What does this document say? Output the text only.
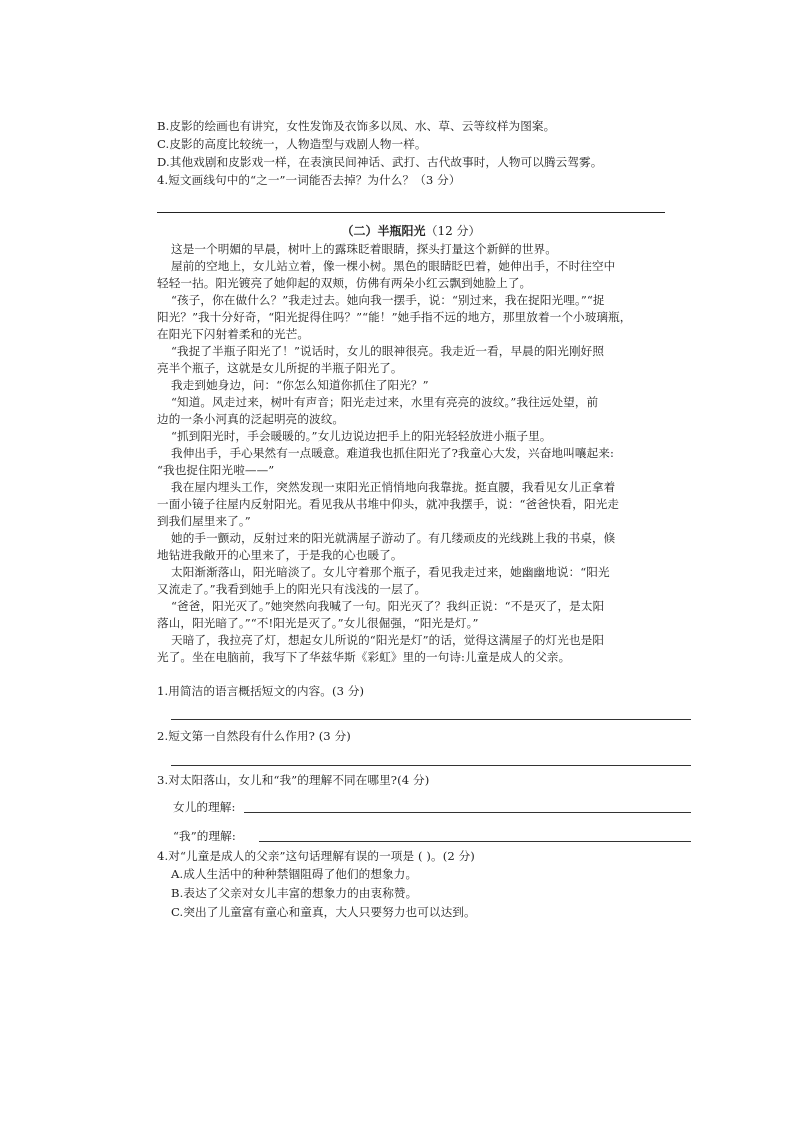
B.皮影的绘画也有讲究，女性发饰及衣饰多以凤、水、草、云等纹样为图案。
C.皮影的高度比较统一，人物造型与戏剧人物一样。
D.其他戏剧和皮影戏一样，在表演民间神话、武打、古代故事时，人物可以腾云驾雾。
4.短文画线句中的“之一”一词能否去掉？为什么？（3 分）
（二）半瓶阳光（12 分）
这是一个明媚的早晨，树叶上的露珠眨着眼睛，探头打量这个新鲜的世界。
屋前的空地上，女儿站立着，像一棵小树。黑色的眼睛眨巴着，她伸出手，不时往空中
轻轻一拈。阳光镀亮了她仰起的双颊，仿佛有两朵小红云飘到她脸上了。
“孩子，你在做什么？”我走过去。她向我一摆手，说：“别过来，我在捉阳光哩。”“捉
阳光？”我十分好奇，“阳光捉得住吗？”“能！”她手指不远的地方，那里放着一个小玻璃瓶，
在阳光下闪射着柔和的光芒。
“我捉了半瓶子阳光了！”说话时，女儿的眼神很亮。我走近一看，早晨的阳光刚好照
亮半个瓶子，这就是女儿所捉的半瓶子阳光了。
我走到她身边，问：“你怎么知道你抓住了阳光？”
“知道。风走过来，树叶有声音；阳光走过来，水里有亮亮的波纹。”我往远处望，前
边的一条小河真的泛起明亮的波纹。
“抓到阳光时，手会暖暖的。”女儿边说边把手上的阳光轻轻放进小瓶子里。
我伸出手，手心果然有一点暖意。难道我也抓住阳光了?我童心大发，兴奋地叫嚷起来:
“我也捉住阳光啦——”
我在屋内埋头工作，突然发现一束阳光正悄悄地向我靠拢。挺直腰，我看见女儿正拿着
一面小镜子往屋内反射阳光。看见我从书堆中仰头，就冲我摆手，说：“爸爸快看，阳光走
到我们屋里来了。”
她的手一颤动，反射过来的阳光就满屋子游动了。有几缕顽皮的光线跳上我的书桌，倏
地钻进我敞开的心里来了，于是我的心也暖了。
太阳渐渐落山，阳光暗淡了。女儿守着那个瓶子，看见我走过来，她幽幽地说：“阳光
又流走了。”我看到她手上的阳光只有浅浅的一层了。
“爸爸，阳光灭了。”她突然向我喊了一句。阳光灭了？我纠正说：“不是灭了，是太阳
落山，阳光暗了。”“不!阳光是灭了。”女儿很倔强，“阳光是灯。”
天暗了，我拉亮了灯，想起女儿所说的“阳光是灯”的话，觉得这满屋子的灯光也是阳
光了。坐在电脑前，我写下了华兹华斯《彩虹》里的一句诗:儿童是成人的父亲。
1.用简洁的语言概括短文的内容。(3 分)
2.短文第一自然段有什么作用? (3 分)
3.对太阳落山，女儿和“我”的理解不同在哪里?(4 分)
女儿的理解:
“我”的理解:
4.对“儿童是成人的父亲”这句话理解有误的一项是 ( )。(2 分)
A.成人生活中的种种禁锢阻碍了他们的想象力。
B.表达了父亲对女儿丰富的想象力的由衷称赞。
C.突出了儿童富有童心和童真，大人只要努力也可以达到。
